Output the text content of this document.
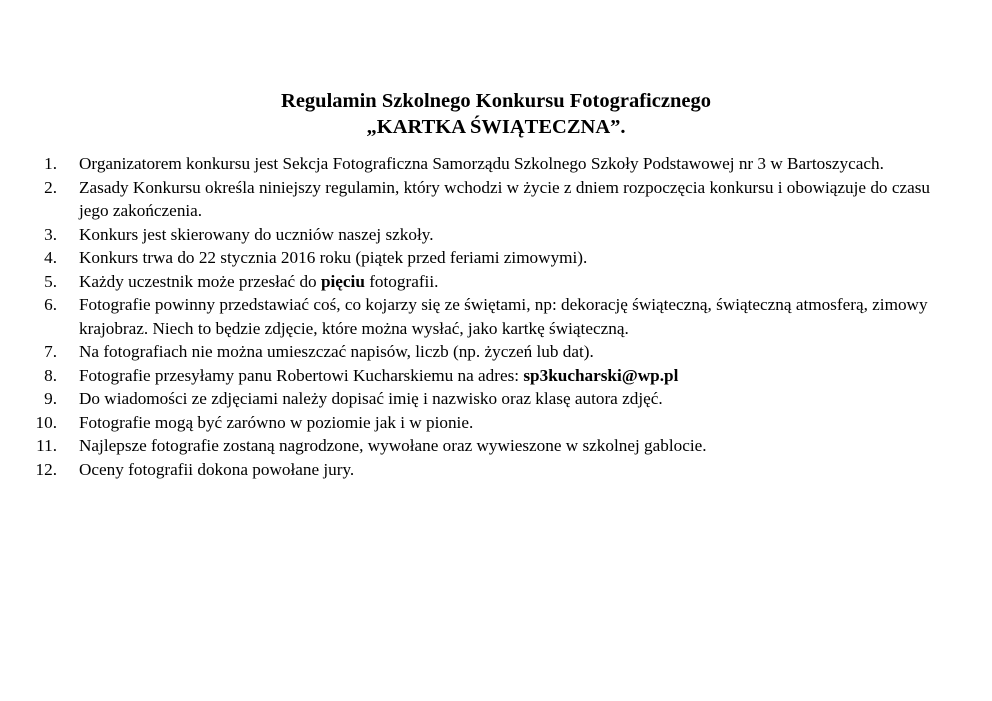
Regulamin Szkolnego Konkursu Fotograficznego
„KARTKA ŚWIĄTECZNA”.
1. Organizatorem konkursu jest Sekcja Fotograficzna Samorządu Szkolnego Szkoły Podstawowej nr 3 w Bartoszycach.
2. Zasady Konkursu określa niniejszy regulamin, który wchodzi w życie z dniem rozpoczęcia konkursu i obowiązuje do czasu jego zakończenia.
3. Konkurs jest skierowany do uczniów naszej szkoły.
4. Konkurs trwa do 22 stycznia 2016 roku (piątek przed feriami zimowymi).
5. Każdy uczestnik może przesłać do pięciu fotografii.
6. Fotografie powinny przedstawiać coś, co kojarzy się ze świętami, np: dekorację świąteczną, świąteczną atmosferą, zimowy krajobraz. Niech to będzie zdjęcie, które można wysłać, jako kartkę świąteczną.
7. Na fotografiach nie można umieszczać napisów, liczb (np. życzeń lub dat).
8. Fotografie przesyłamy panu Robertowi Kucharskiemu na adres: sp3kucharski@wp.pl
9. Do wiadomości ze zdjęciami należy dopisać imię i nazwisko oraz klasę autora zdjęć.
10. Fotografie mogą być zarówno w poziomie jak i w pionie.
11. Najlepsze fotografie zostaną nagrodzone, wywołane oraz wywieszone w szkolnej gablocie.
12. Oceny fotografii dokona powołane jury.
